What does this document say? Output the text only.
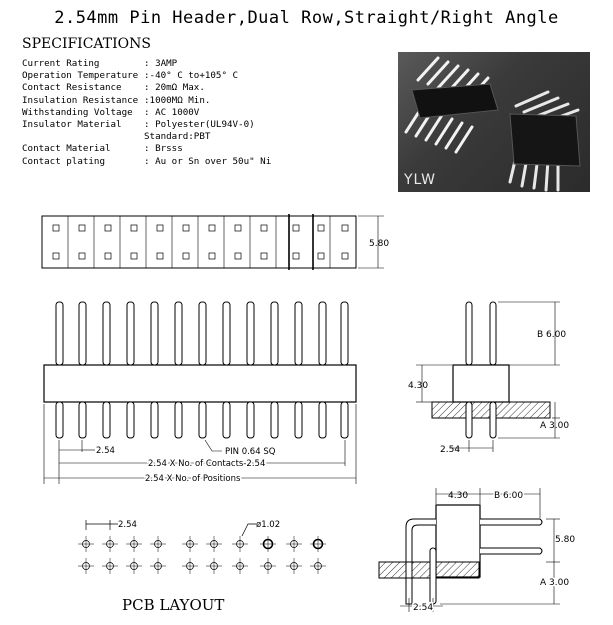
2.54mm Pin Header,Dual Row,Straight/Right Angle
SPECIFICATIONS
Current Rating	: 3AMP
Operation Temperature :-40° C to+105° C
Contact Resistance : 20mΩ Max.
Insulation Resistance :1000MΩ Min.
Withstanding Voltage : AC 1000V
Insulator Material : Polyester(UL94V-0)
Standard:PBT
Contact Material	: Brsss
Contact plating	: Au or Sn over 50u" Ni
YLW
5.80
2.54	PIN 0.64 SQ
2.54 X No. of Contacts-2.54
2.54 X No. of Positions
B 6.00
4.30
A 3.00
2.54
2.54	ø1.02
4.30	B 6.00
5.80
A 3.00
2.54
PCB LAYOUT
